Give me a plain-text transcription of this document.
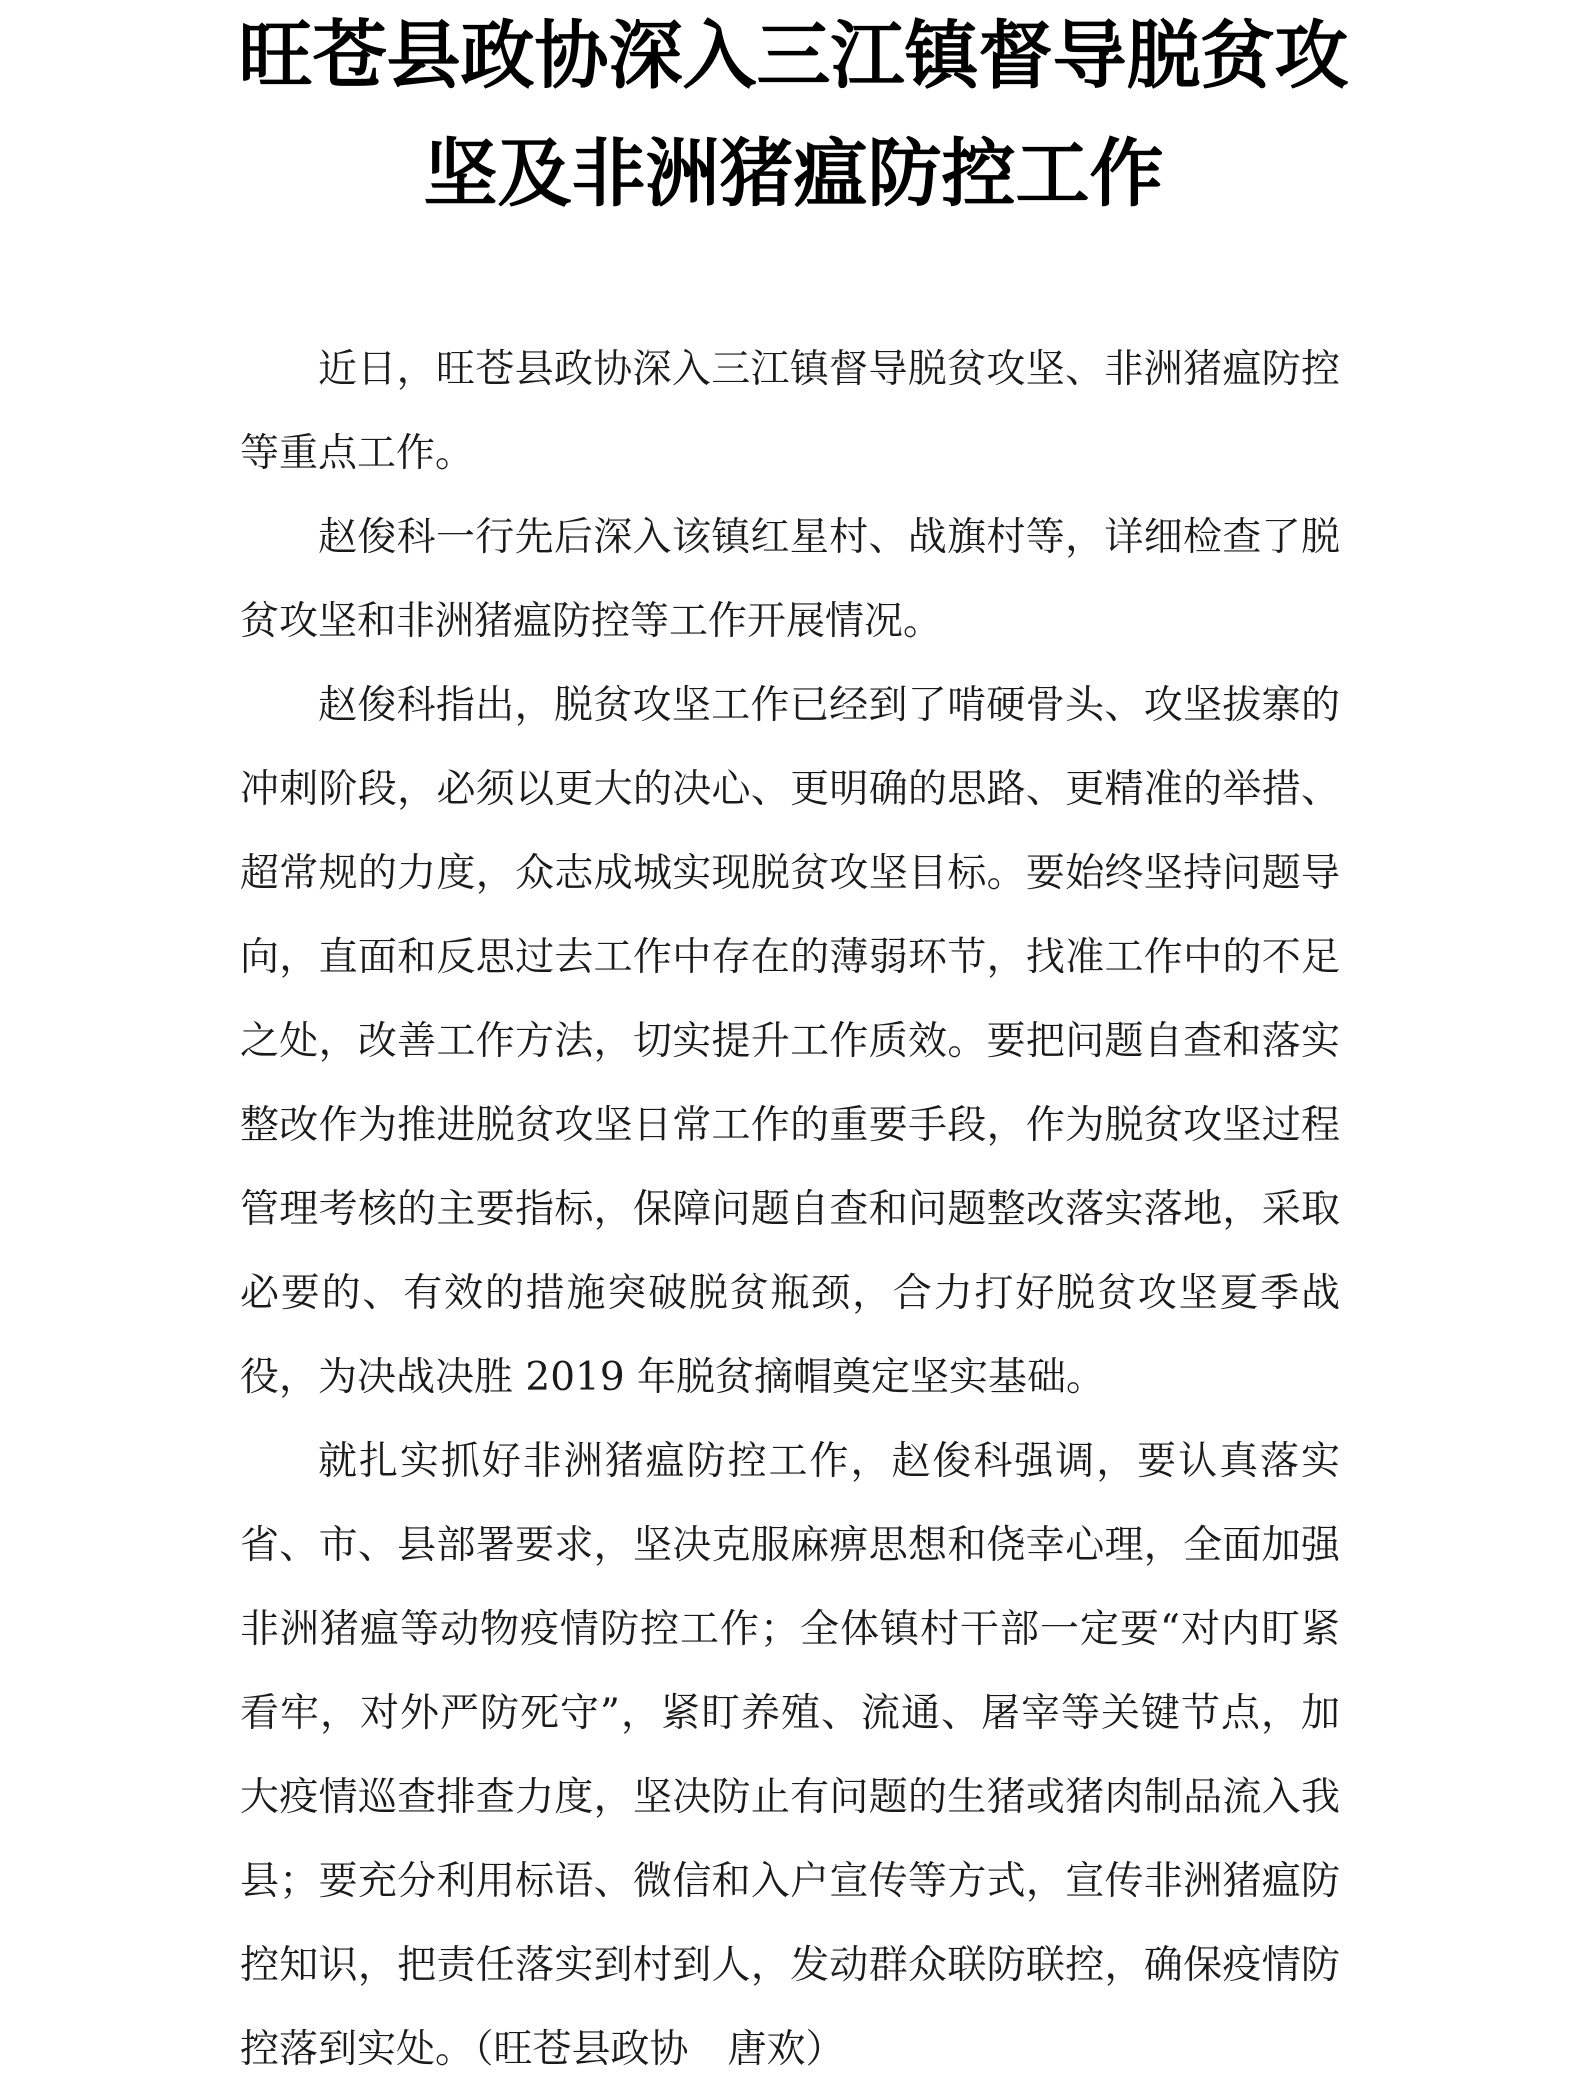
旺苍县政协深入三江镇督导脱贫攻
坚及非洲猪瘟防控工作

近日，旺苍县政协深入三江镇督导脱贫攻坚、非洲猪瘟防控等重点工作。

赵俊科一行先后深入该镇红星村、战旗村等，详细检查了脱贫攻坚和非洲猪瘟防控等工作开展情况。

赵俊科指出，脱贫攻坚工作已经到了啃硬骨头、攻坚拔寨的冲刺阶段，必须以更大的决心、更明确的思路、更精准的举措、超常规的力度，众志成城实现脱贫攻坚目标。要始终坚持问题导向，直面和反思过去工作中存在的薄弱环节，找准工作中的不足之处，改善工作方法，切实提升工作质效。要把问题自查和落实整改作为推进脱贫攻坚日常工作的重要手段，作为脱贫攻坚过程管理考核的主要指标，保障问题自查和问题整改落实落地，采取必要的、有效的措施突破脱贫瓶颈，合力打好脱贫攻坚夏季战役，为决战决胜 2019 年脱贫摘帽奠定坚实基础。

就扎实抓好非洲猪瘟防控工作，赵俊科强调，要认真落实省、市、县部署要求，坚决克服麻痹思想和侥幸心理，全面加强非洲猪瘟等动物疫情防控工作；全体镇村干部一定要“对内盯紧看牢，对外严防死守”，紧盯养殖、流通、屠宰等关键节点，加大疫情巡查排查力度，坚决防止有问题的生猪或猪肉制品流入我县；要充分利用标语、微信和入户宣传等方式，宣传非洲猪瘟防控知识，把责任落实到村到人，发动群众联防联控，确保疫情防控落到实处。（旺苍县政协　唐欢）
